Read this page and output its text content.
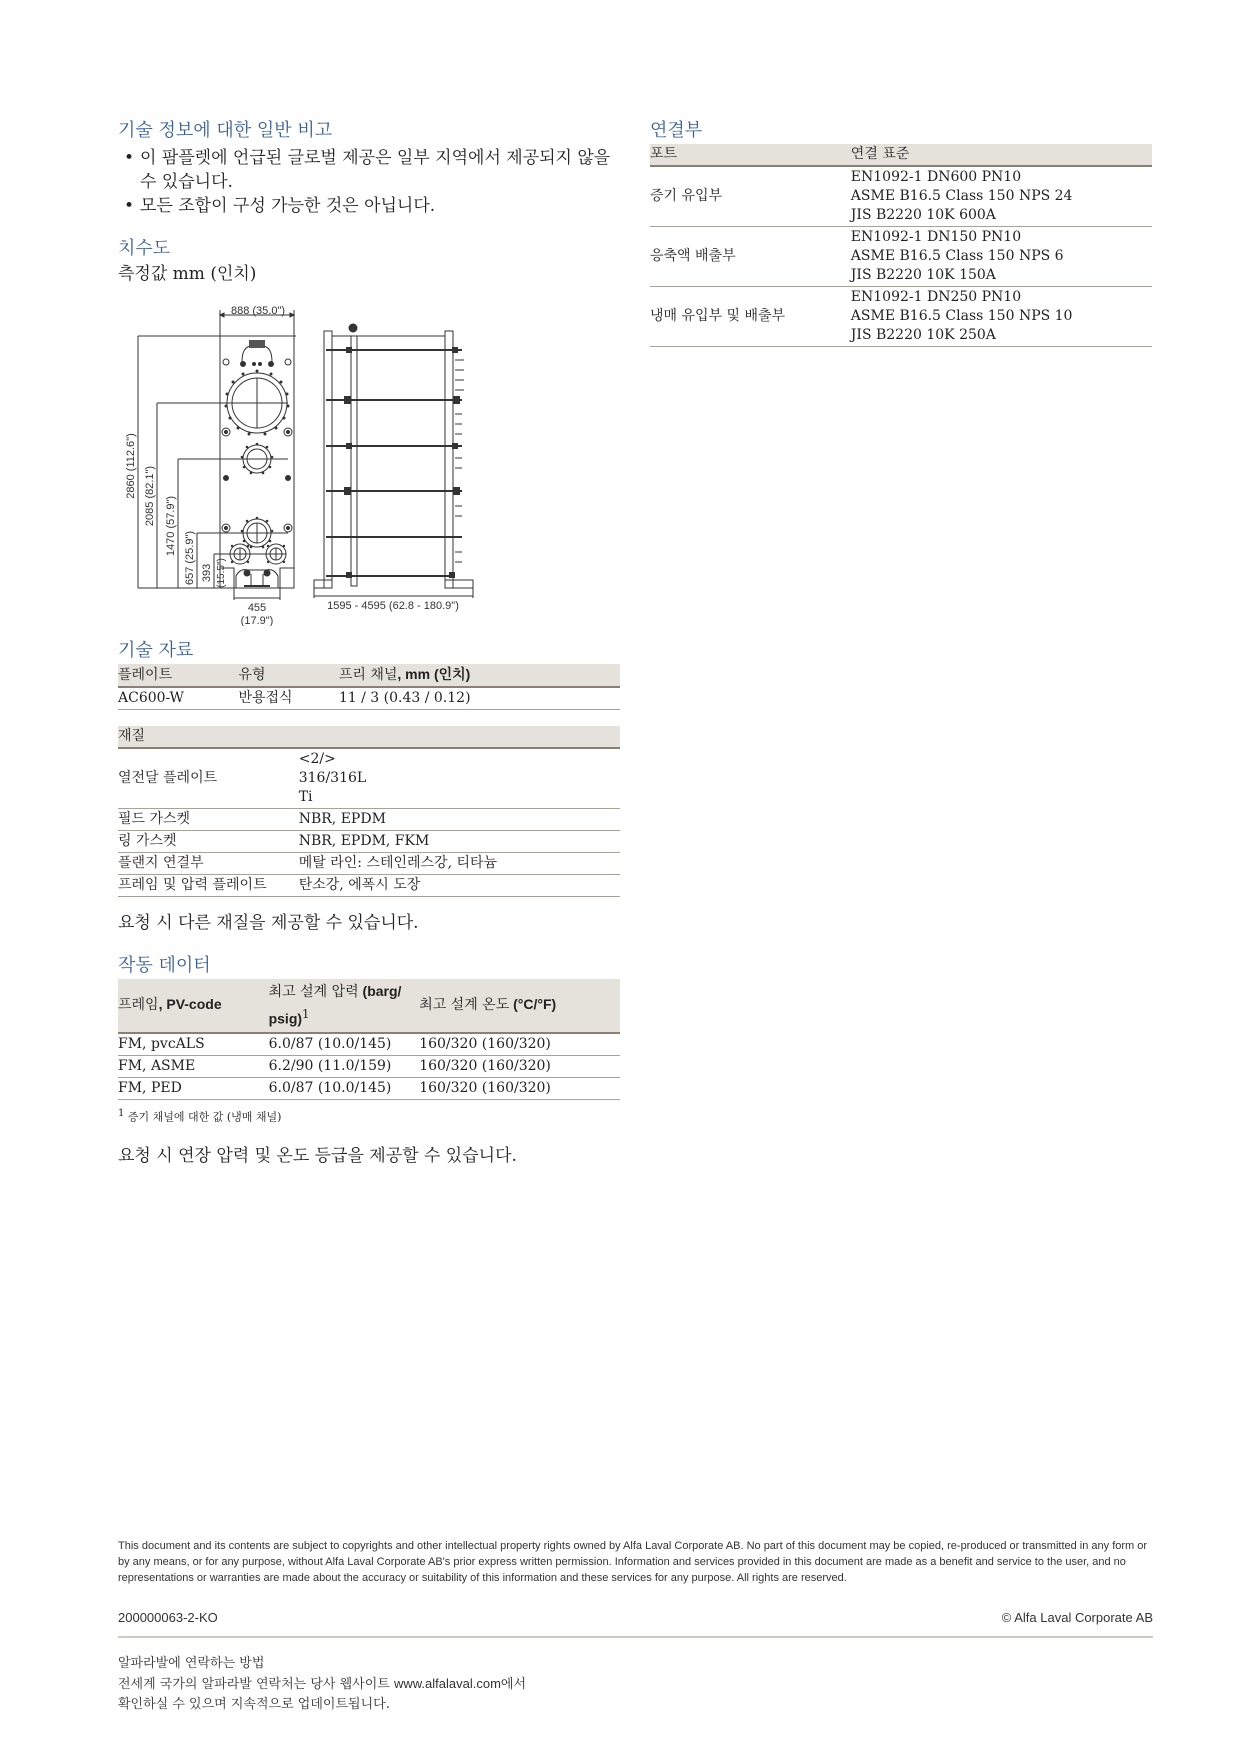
기술 정보에 대한 일반 비고
• 이 팜플렛에 언급된 글로벌 제공은 일부 지역에서 제공되지 않을 수 있습니다.
• 모든 조합이 구성 가능한 것은 아닙니다.
치수도

측정값 mm (인치)

888 (35.0")
455
(17.9")
2860 (112.6") 2085 (82.1") 1470 (57.9")
657 (25.9") 393 (15.5")
1595 - 4595 (62.8 - 180.9")
기술 자료
플레이트	유형	프리 채널, mm (인치)
AC600-W	반용접식	11 / 3 (0.43 / 0.12)
재질	
열전달 플레이트	<2/>
316/316L
Ti

필드 가스켓	NBR, EPDM
링 가스켓	NBR, EPDM, FKM
플랜지 연결부	메탈 라인: 스테인레스강, 티타늄
프레임 및 압력 플레이트	탄소강, 에폭시 도장

요청 시 다른 재질을 제공할 수 있습니다.

작동 데이터
프레임, PV-code	최고 설계 압력 (barg/
psig)$^1$	최고 설계 온도 (°C/°F)
FM, pvcALS	6.0/87 (10.0/145)	160/320 (160/320)
FM, ASME	6.2/90 (11.0/159)	160/320 (160/320)
FM, PED	6.0/87 (10.0/145)	160/320 (160/320)

$^1$ 증기 채널에 대한 값 (냉매 채널)

요청 시 연장 압력 및 온도 등급을 제공할 수 있습니다.

연결부
포트	연결 표준
증기 유입부	EN1092-1 DN600 PN10
ASME B16.5 Class 150 NPS 24
JIS B2220 10K 600A

응축액 배출부	EN1092-1 DN150 PN10
ASME B16.5 Class 150 NPS 6
JIS B2220 10K 150A

냉매 유입부 및 배출부	EN1092-1 DN250 PN10
ASME B16.5 Class 150 NPS 10
JIS B2220 10K 250A

This document and its contents are subject to copyrights and other intellectual property rights owned by Alfa Laval Corporate AB. No part of this document may be copied, re-produced or transmitted in any form or by any means, or for any purpose, without Alfa Laval Corporate AB's prior express written permission. Information and services provided in this document are made as a benefit and service to the user, and no representations or warranties are made about the accuracy or suitability of this information and these services for any purpose. All rights are reserved.

200000063-2-KO	© Alfa Laval Corporate AB
알파라발에 연락하는 방법
전세계 국가의 알파라발 연락처는 당사 웹사이트 www.alfalaval.com에서
확인하실 수 있으며 지속적으로 업데이트됩니다.
